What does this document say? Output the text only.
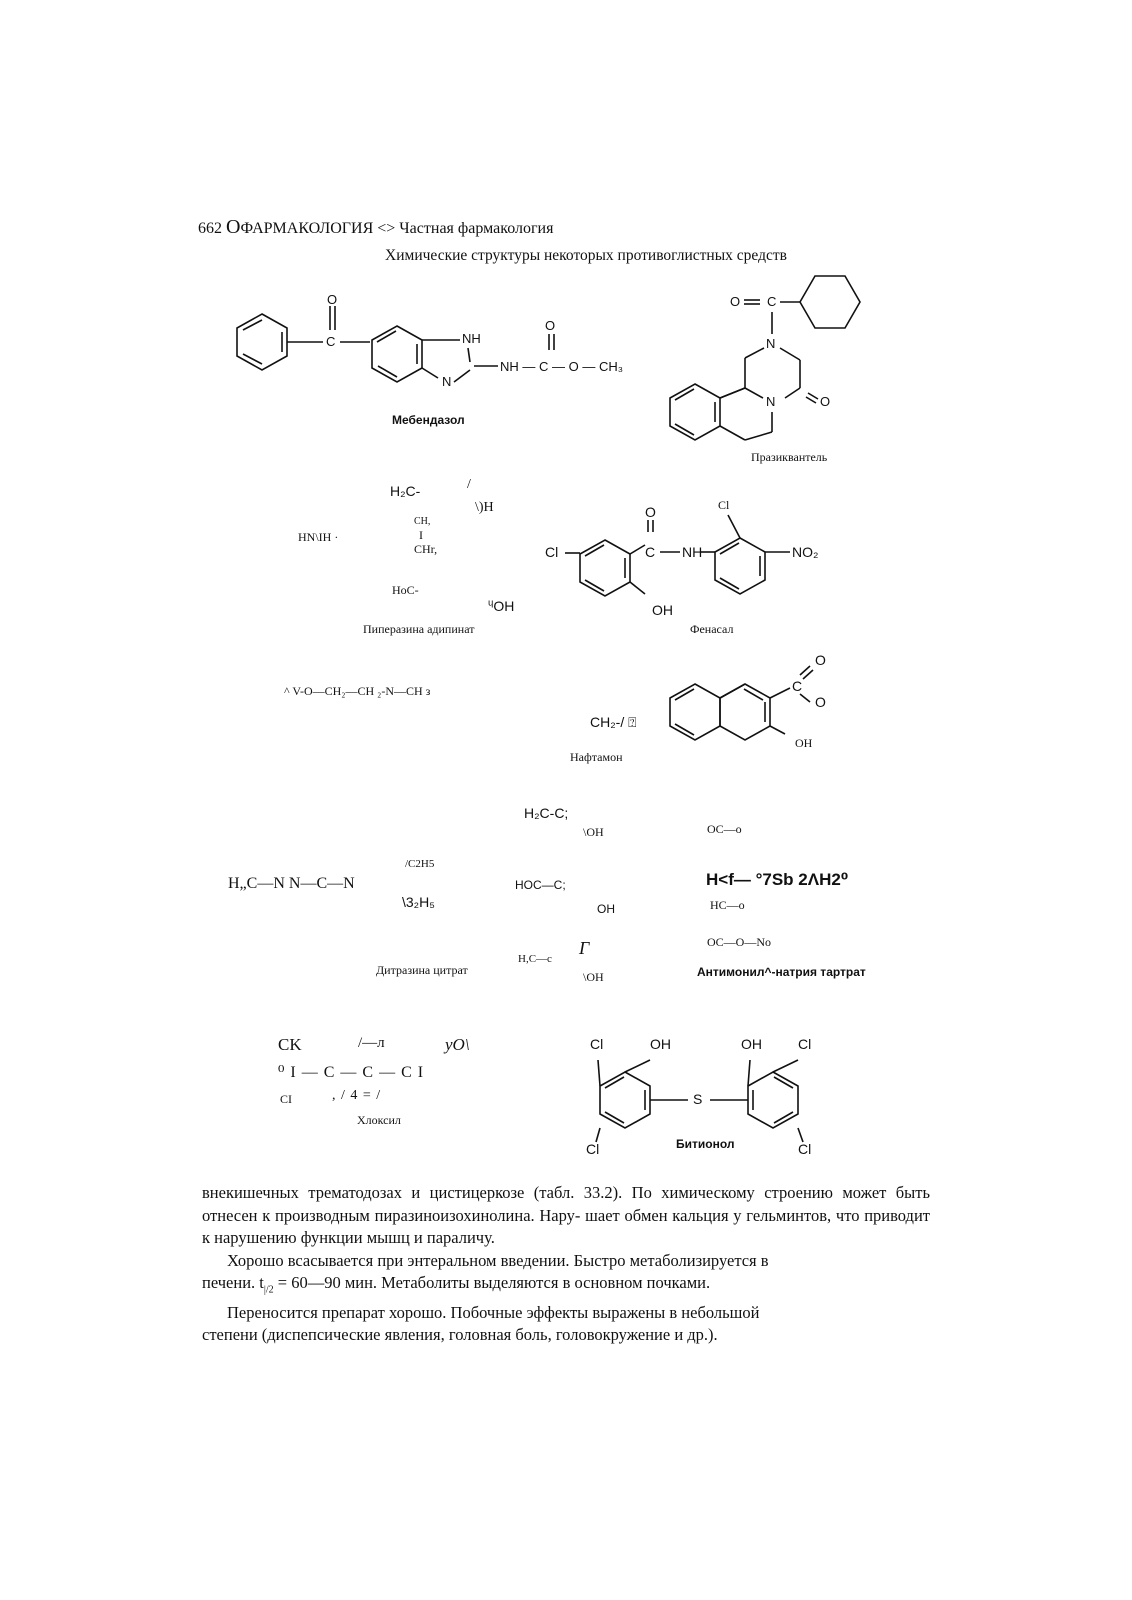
662 OФАРМАКОЛОГИЯ <> Частная фармакология
Химические структуры некоторых противоглистных средств
O
C	NH
N
O
NH — C — O — CH₃
Мебендазол
O C
N
N	O
Празиквантель
H₂C-	/
\)H
HN\IH ·
CH,
I
CHr,
HoC-
ᶣOH
Пиперазина адипинат
Cl
O
C NH
Cl
NO₂
OH
Фенасал
^ V-O—CH₂—CH ₂-N—CH з
CH₂-/ ⍰
O
C
O
OH
Нафтамон
H„C—N N—C—N
/C2H5
\3₂H₅
H₂C-C;
\OH
HOC—C;
OH
H,C—c
Г
\OH
Дитразина цитрат
OC—o
H<f— °7Sb 2ΛH2⁰
HC—o
OC—O—No
Антимонил^-натрия тартрат
CK	/—л	yO\
⁰ I — C — C — C I
CI	, / 4 = /
Хлоксил
Cl	OH	OH	Cl
S
Cl	Cl
Битионол

внекишечных трематодозах и цистицеркозе (табл. 33.2). По химическому строению может быть отнесен к производным пиразиноизохинолина. Нару- шает обмен кальция у гельминтов, что приводит к нарушению функции мышц и параличу.

Хорошо всасывается при энтеральном введении. Быстро метаболизируется в
печени. $t_{|/2}$ = 60—90 мин. Метаболиты выделяются в основном почками.

Переносится препарат хорошо. Побочные эффекты выражены в небольшой
степени (диспепсические явления, головная боль, головокружение и др.).
